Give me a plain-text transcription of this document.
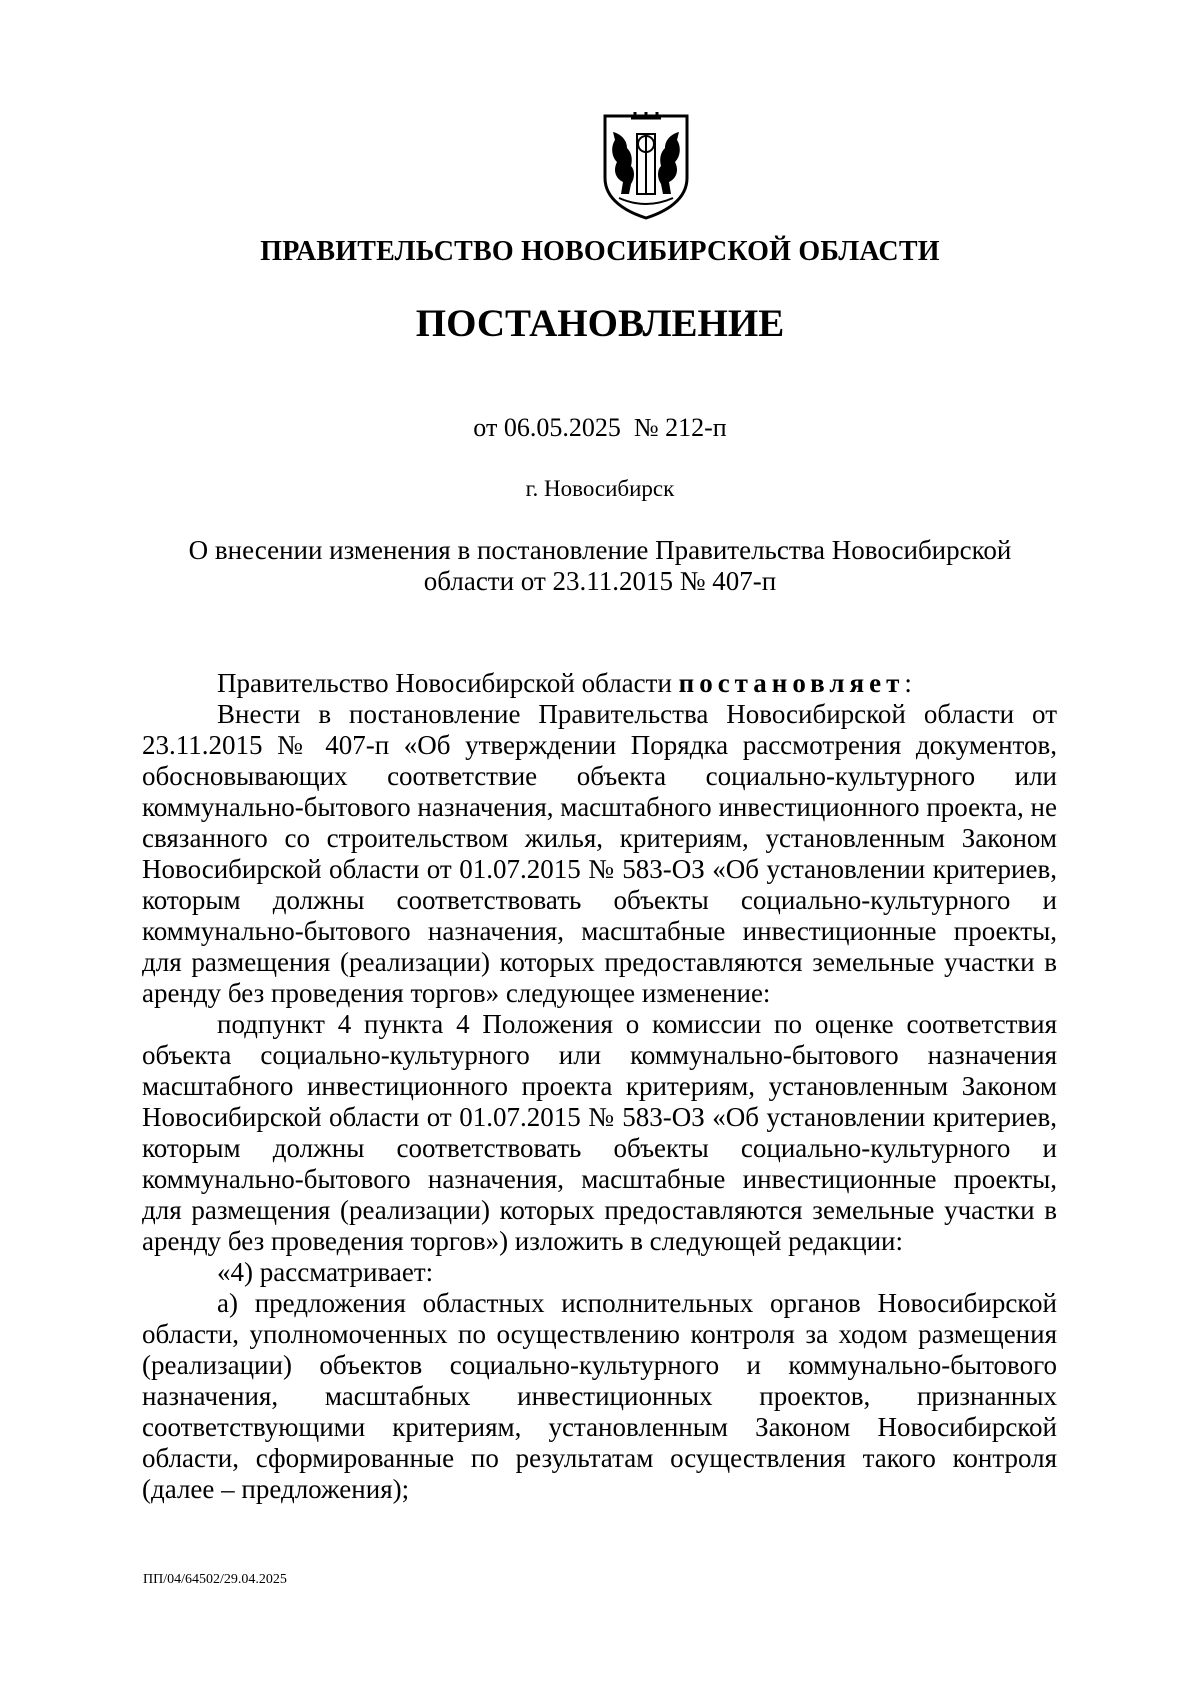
ПРАВИТЕЛЬСТВО НОВОСИБИРСКОЙ ОБЛАСТИ
ПОСТАНОВЛЕНИЕ
от 06.05.2025  № 212-п
г. Новосибирск
О внесении изменения в постановление Правительства Новосибирской области от 23.11.2015 № 407-п

Правительство Новосибирской области постановляет:

Внести в постановление Правительства Новосибирской области от 23.11.2015 № 407-п «Об утверждении Порядка рассмотрения документов, обосновывающих соответствие объекта социально-культурного или коммунально-бытового назначения, масштабного инвестиционного проекта, не связанного со строительством жилья, критериям, установленным Законом Новосибирской области от 01.07.2015 № 583-ОЗ «Об установлении критериев, которым должны соответствовать объекты социально-культурного и коммунально-бытового назначения, масштабные инвестиционные проекты, для размещения (реализации) которых предоставляются земельные участки в аренду без проведения торгов» следующее изменение:

подпункт 4 пункта 4 Положения о комиссии по оценке соответствия объекта социально-культурного или коммунально-бытового назначения масштабного инвестиционного проекта критериям, установленным Законом Новосибирской области от 01.07.2015 № 583-ОЗ «Об установлении критериев, которым должны соответствовать объекты социально-культурного и коммунально-бытового назначения, масштабные инвестиционные проекты, для размещения (реализации) которых предоставляются земельные участки в аренду без проведения торгов») изложить в следующей редакции:

«4) рассматривает:

а) предложения областных исполнительных органов Новосибирской области, уполномоченных по осуществлению контроля за ходом размещения (реализации) объектов социально-культурного и коммунально-бытового назначения, масштабных инвестиционных проектов, признанных соответствующими критериям, установленным Законом Новосибирской области, сформированные по результатам осуществления такого контроля (далее – предложения);

ПП/04/64502/29.04.2025
